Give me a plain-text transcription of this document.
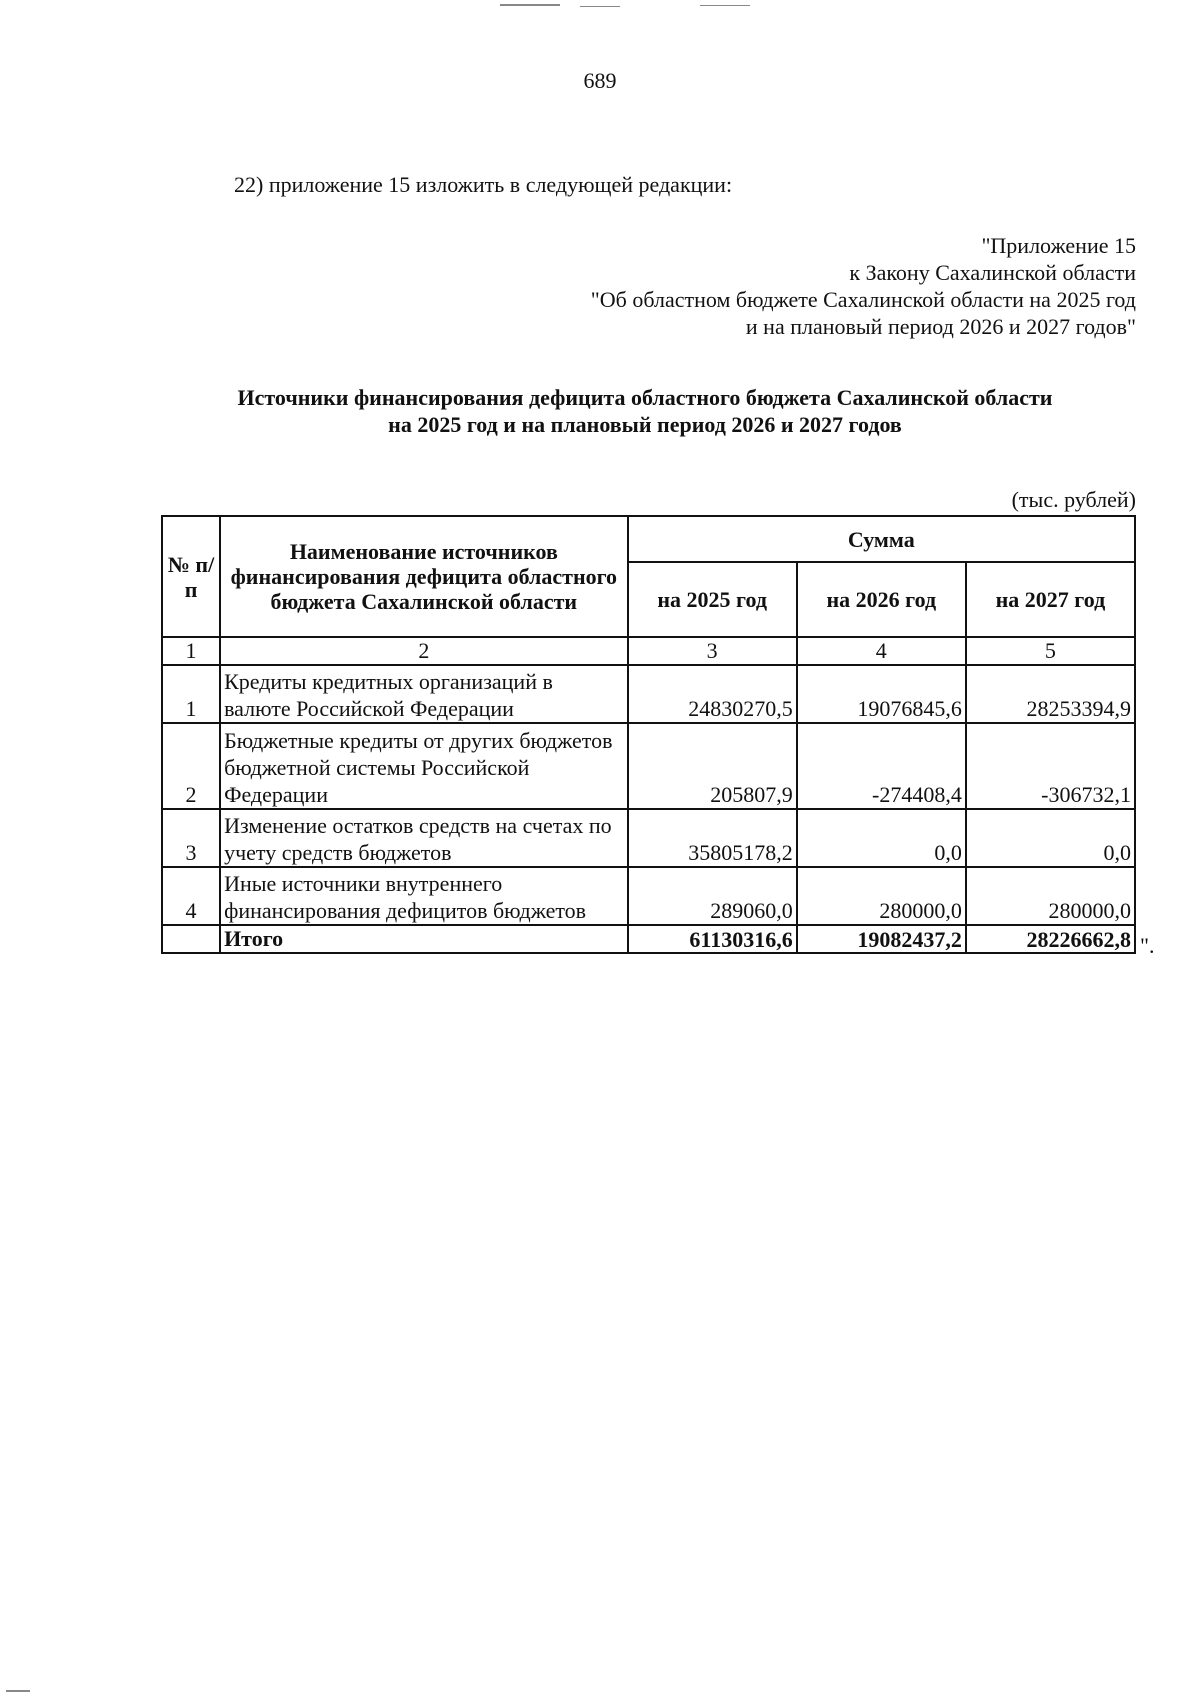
689
22) приложение 15 изложить в следующей редакции:
"Приложение 15
к Закону Сахалинской области
"Об областном бюджете Сахалинской области на 2025 год
и на плановый период 2026 и 2027 годов"
Источники финансирования дефицита областного бюджета Сахалинской области
на 2025 год и на плановый период 2026 и 2027 годов
(тыс. рублей)
№ п/п	Наименование источников финансирования дефицита областного бюджета Сахалинской области	Сумма		
		на 2025 год	на 2026 год	на 2027 год
1	2	3	4	5
1	Кредиты кредитных организаций в валюте Российской Федерации	24830270,5	19076845,6	28253394,9
2	Бюджетные кредиты от других бюджетов бюджетной системы Российской Федерации	205807,9	-274408,4	-306732,1
3	Изменение остатков средств на счетах по учету средств бюджетов	35805178,2	0,0	0,0
4	Иные источники внутреннего финансирования дефицитов бюджетов	289060,0	280000,0	280000,0
	Итого	61130316,6	19082437,2	28226662,8 ".
